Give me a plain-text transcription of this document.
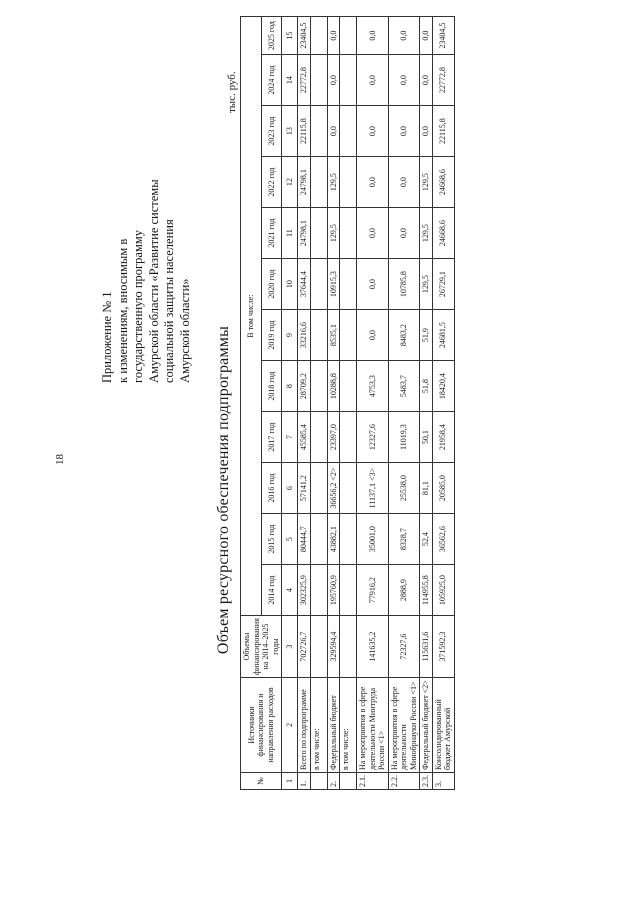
18
Приложение № 1 к изменениям, вносимым в государственную программу Амурской области «Развитие системы социальной защиты населения Амурской области» Объем ресурсного обеспечения подпрограммы
тыс. руб.
№	Источники финансирования и направления расходов	Объемы финансирования на 2014–2025 годы	В том числе:											
			2014 год	2015 год	2016 год	2017 год	2018 год	2019 год	2020 год	2021 год	2022 год	2023 год	2024 год	2025 год
1	2	3	4	5	6	7	8	9	10	11	12	13	14	15
1.	Всего по подпрограмме	702726,7	302325,9	80444,7	57141,2	45585,4	28709,2	33216,6	37644,4	24798,1	24798,1	22115,8	22772,8	23404,5
	в том числе:													
2.	Федеральный бюджет	329594,4	195760,9	43882,1	36656,2 <2>	23397,0	10288,8	8535,1	10915,3	129,5	129,5	0,0	0,0	0,0
	в том числе:													
2.1.	На мероприятия в сфере деятельности Минтруда России <1>	141635,2	77916,2	35001,0	11137,1 <3>	12327,6	4753,3	0,0	0,0	0,0	0,0	0,0	0,0	0,0
2.2.	На мероприятия в сфере деятельности Минобрнауки России <1>	72327,6	2888,9	8328,7	25538,0	11019,3	5483,7	8483,2	10785,8	0,0	0,0	0,0	0,0	0,0
2.3.	Федеральный бюджет <2>	115631,6	114955,8	52,4	81,1	50,1	51,8	51,9	129,5	129,5	129,5	0,0	0,0	0,0
3.	Консолидированный бюджет Амурской	371592,3	105925,0	36562,6	20585,0	21958,4	18420,4	24681,5	26729,1	24668,6	24668,6	22115,8	22772,8	23404,5
